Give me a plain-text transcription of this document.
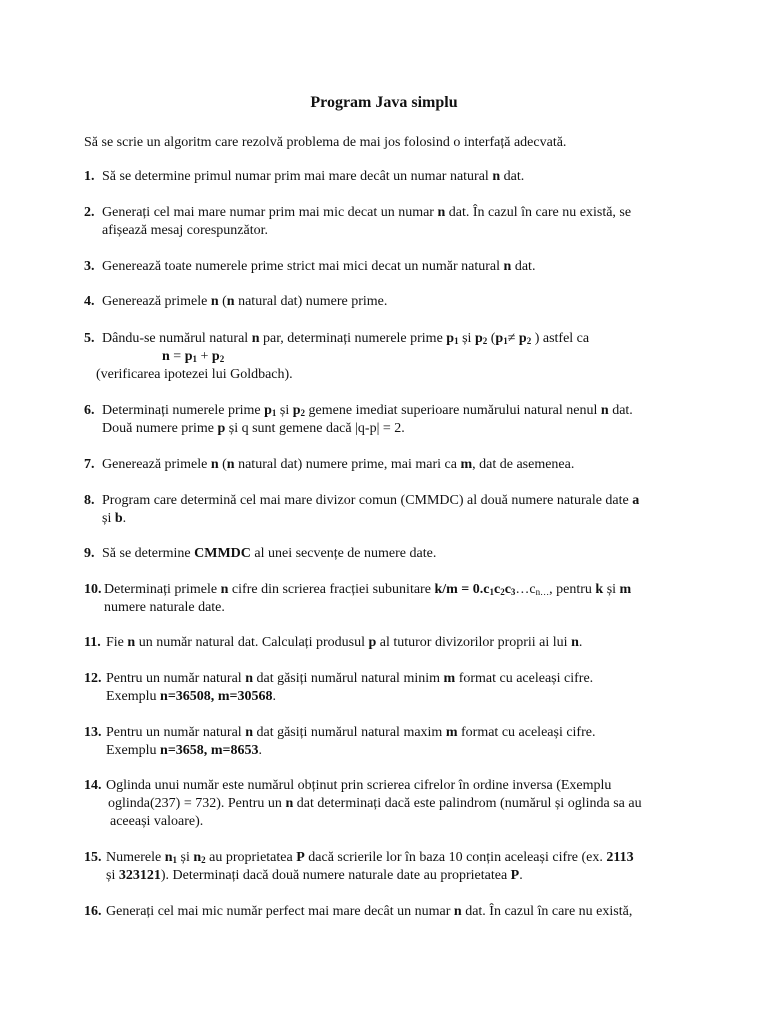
Program Java simplu
Să se scrie un algoritm care rezolvă problema de mai jos folosind o interfață adecvată.
1. Să se determine primul numar prim mai mare decât un numar natural n dat.
2. Generați cel mai mare numar prim mai mic decat un numar n dat. În cazul în care nu există, se
afișează mesaj corespunzător.
3. Generează toate numerele prime strict mai mici decat un număr natural n dat.
4. Generează primele n (n natural dat) numere prime.
5. Dându-se numărul natural n par, determinați numerele prime $p_1$ și $p_2$ ($p_1\ne p_2$ ) astfel ca
$n = p_1 + p_2$
(verificarea ipotezei lui Goldbach).
6. Determinați numerele prime $p_1$ și $p_2$ gemene imediat superioare numărului natural nenul n dat.
Două numere prime p și q sunt gemene dacă |q-p| = 2.
7. Generează primele n (n natural dat) numere prime, mai mari ca m, dat de asemenea.
8. Program care determină cel mai mare divizor comun (CMMDC) al două numere naturale date a
și b.
9. Să se determine CMMDC al unei secvențe de numere date.
10. Determinați primele n cifre din scrierea fracției subunitare $k/m = 0.c_1c_2c_3\dots c_{n\dots}$, pentru k și m
numere naturale date.
11. Fie n un număr natural dat. Calculați produsul p al tuturor divizorilor proprii ai lui n.
12. Pentru un număr natural n dat găsiți numărul natural minim m format cu aceleași cifre.
Exemplu n=36508, m=30568.
13. Pentru un număr natural n dat găsiți numărul natural maxim m format cu aceleași cifre.
Exemplu n=3658, m=8653.
14. Oglinda unui număr este numărul obținut prin scrierea cifrelor în ordine inversa (Exemplu
oglinda(237) = 732). Pentru un n dat determinați dacă este palindrom (numărul și oglinda sa au
aceeași valoare).
15. Numerele $n_1$ și $n_2$ au proprietatea P dacă scrierile lor în baza 10 conțin aceleași cifre (ex. 2113
și 323121). Determinați dacă două numere naturale date au proprietatea P.
16. Generați cel mai mic număr perfect mai mare decât un numar n dat. În cazul în care nu există,
